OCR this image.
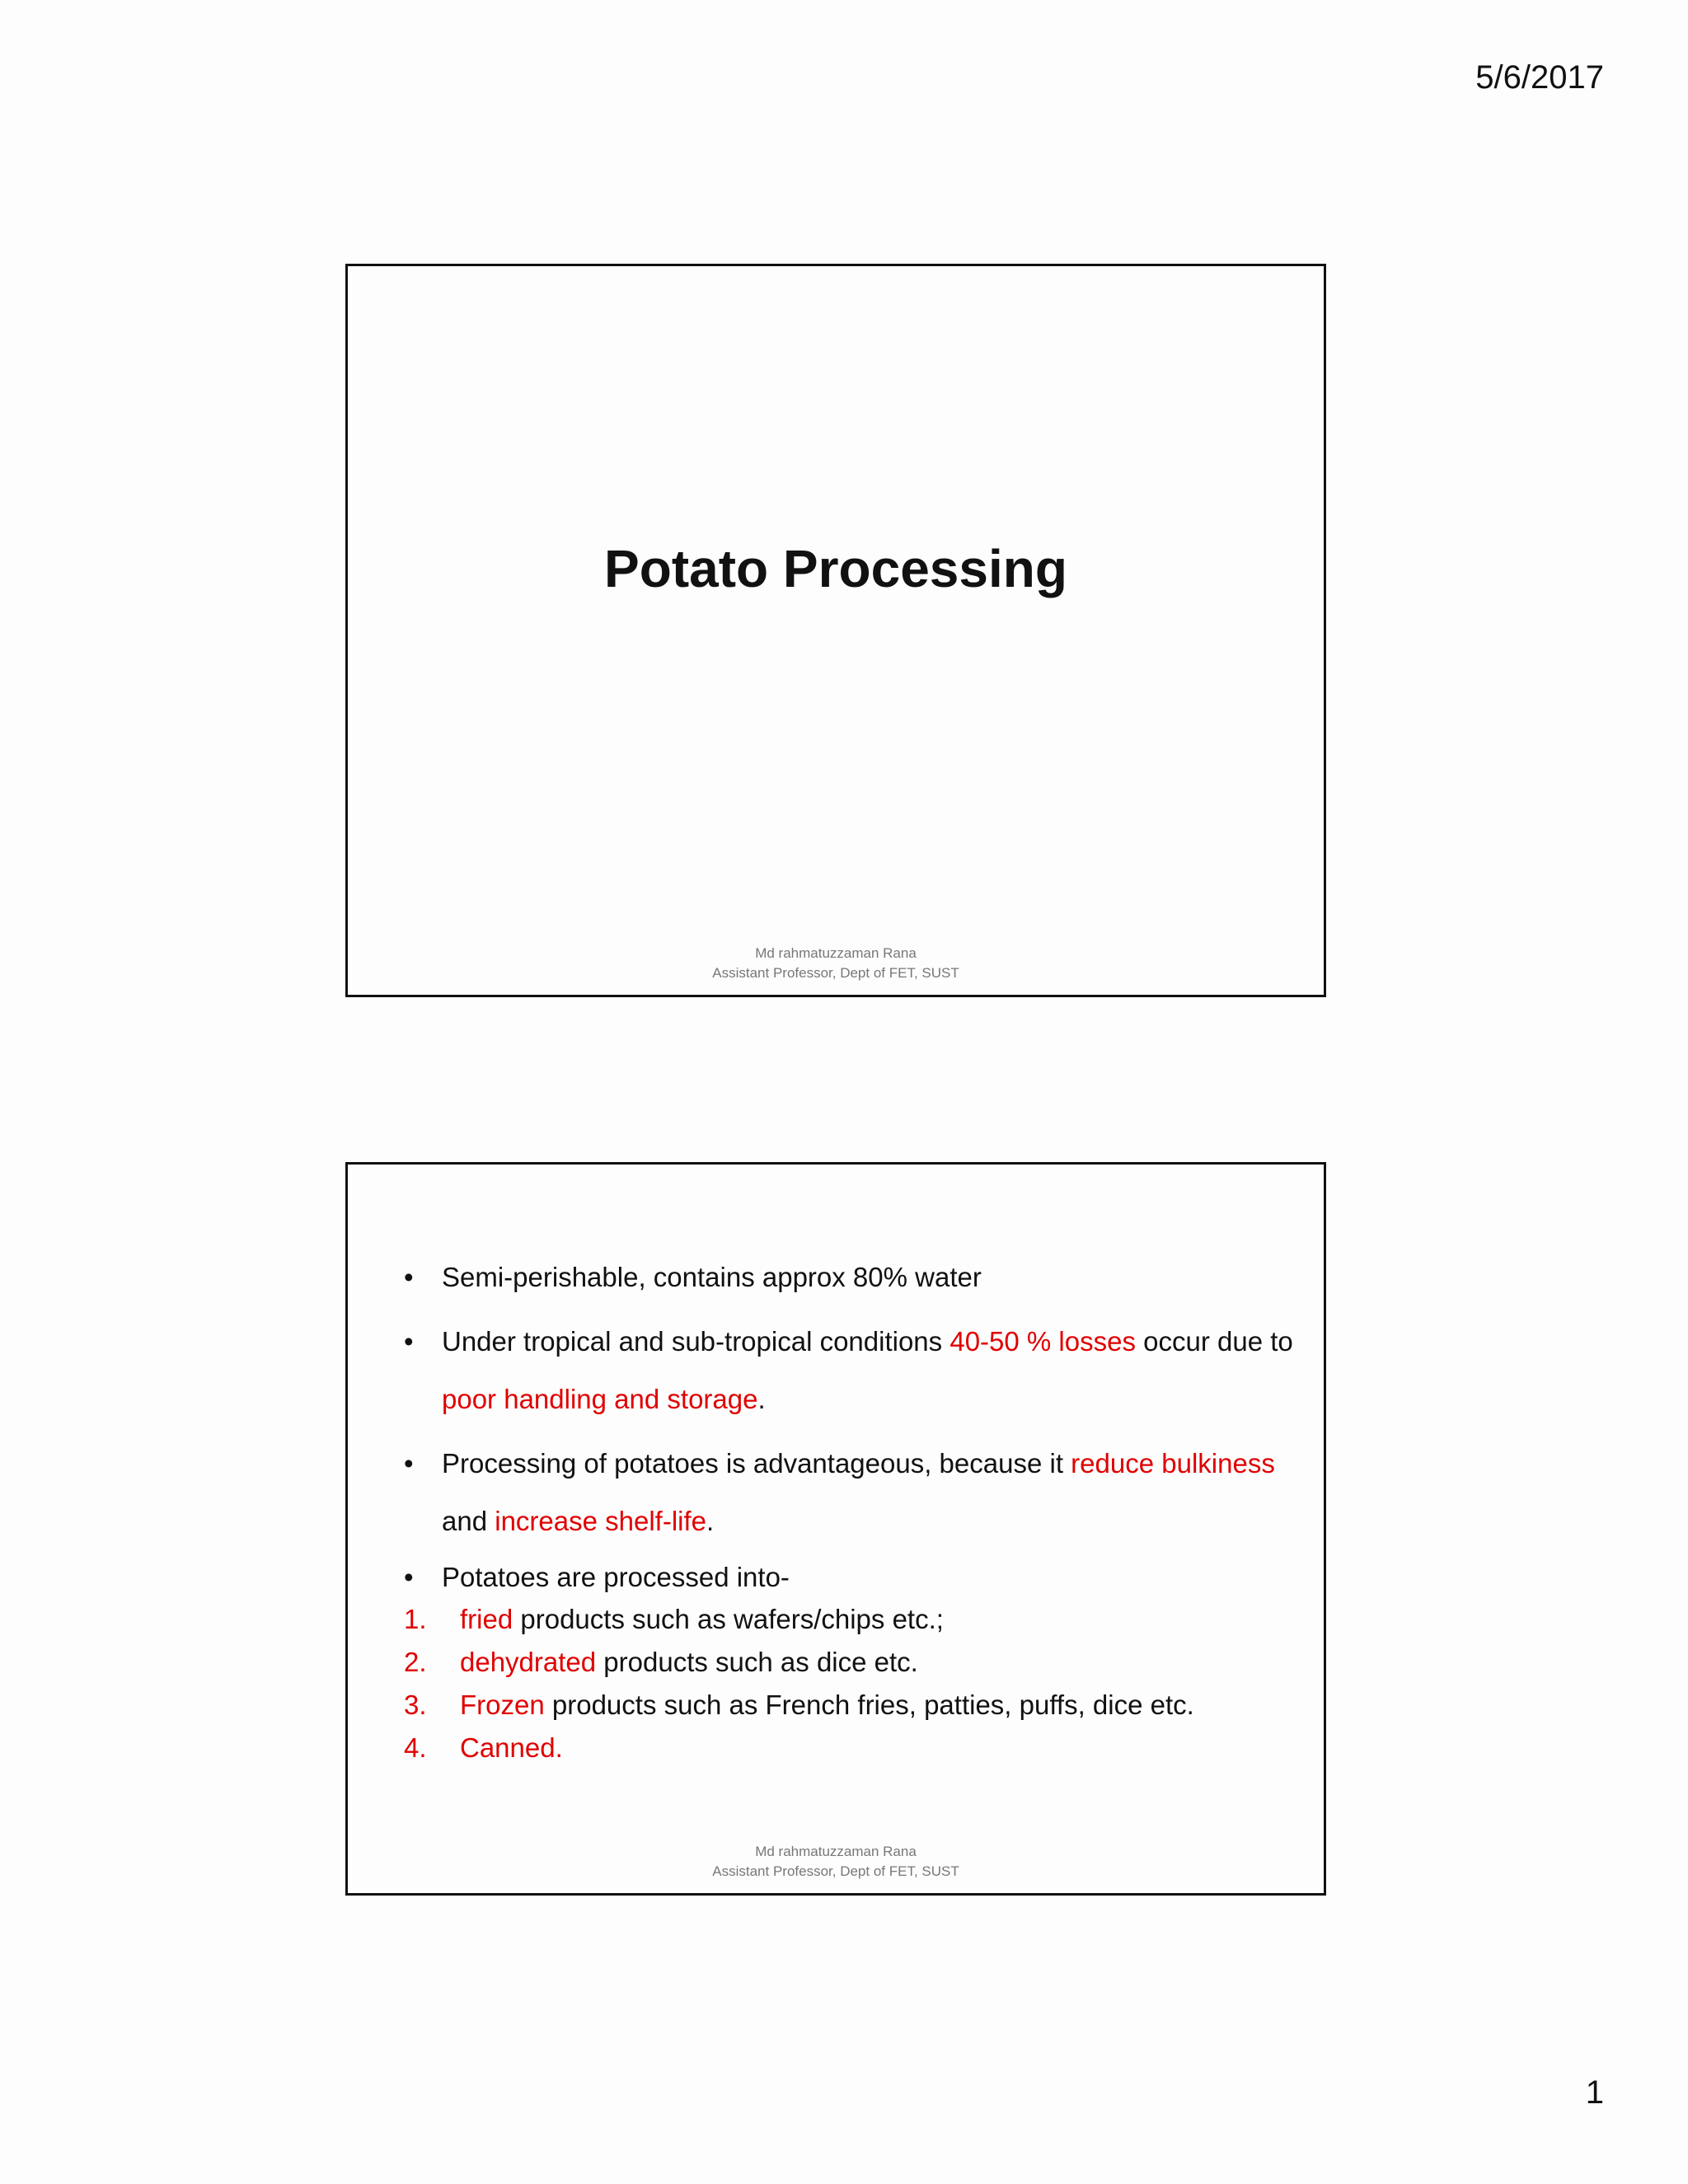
5/6/2017
Potato Processing
Md rahmatuzzaman Rana
Assistant Professor, Dept of FET, SUST
• Semi-perishable, contains approx 80% water
• Under tropical and sub-tropical conditions 40-50 % losses occur due to poor handling and storage.
• Processing of potatoes is advantageous, because it reduce bulkiness and increase shelf-life.
• Potatoes are processed into-
1. fried products such as wafers/chips etc.;
2. dehydrated products such as dice etc.
3. Frozen products such as French fries, patties, puffs, dice etc.
4. Canned.
Md rahmatuzzaman Rana
Assistant Professor, Dept of FET, SUST
1
